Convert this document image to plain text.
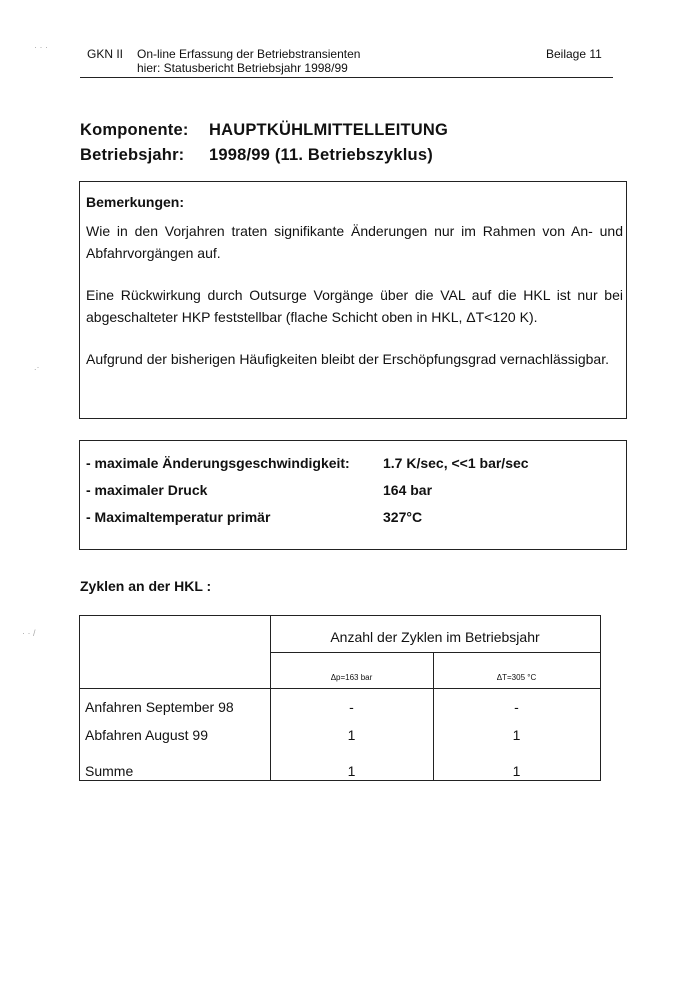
· · ·
.·
· · /
GKN II On-line Erfassung der Betriebstransienten
hier: Statusbericht Betriebsjahr 1998/99
Beilage 11
Komponente: HAUPTKÜHLMITTELLEITUNG
Betriebsjahr: 1998/99 (11. Betriebszyklus)
Bemerkungen:
Wie in den Vorjahren traten signifikante Änderungen nur im Rahmen von An- und Abfahrvorgängen auf.
Eine Rückwirkung durch Outsurge Vorgänge über die VAL auf die HKL ist nur bei abgeschalteter HKP feststellbar (flache Schicht oben in HKL, ΔT<120 K).
Aufgrund der bisherigen Häufigkeiten bleibt der Erschöpfungsgrad vernachlässigbar.
- maximale Änderungsgeschwindigkeit: 1.7 K/sec, <<1 bar/sec
- maximaler Druck	164 bar
- Maximaltemperatur primär	327°C
Zyklen an der HKL :
Anzahl der Zyklen im Betriebsjahr
Δp=163 bar	ΔT=305 °C
Anfahren September 98	-	-
Abfahren August 99	1	1
Summe	1	1
